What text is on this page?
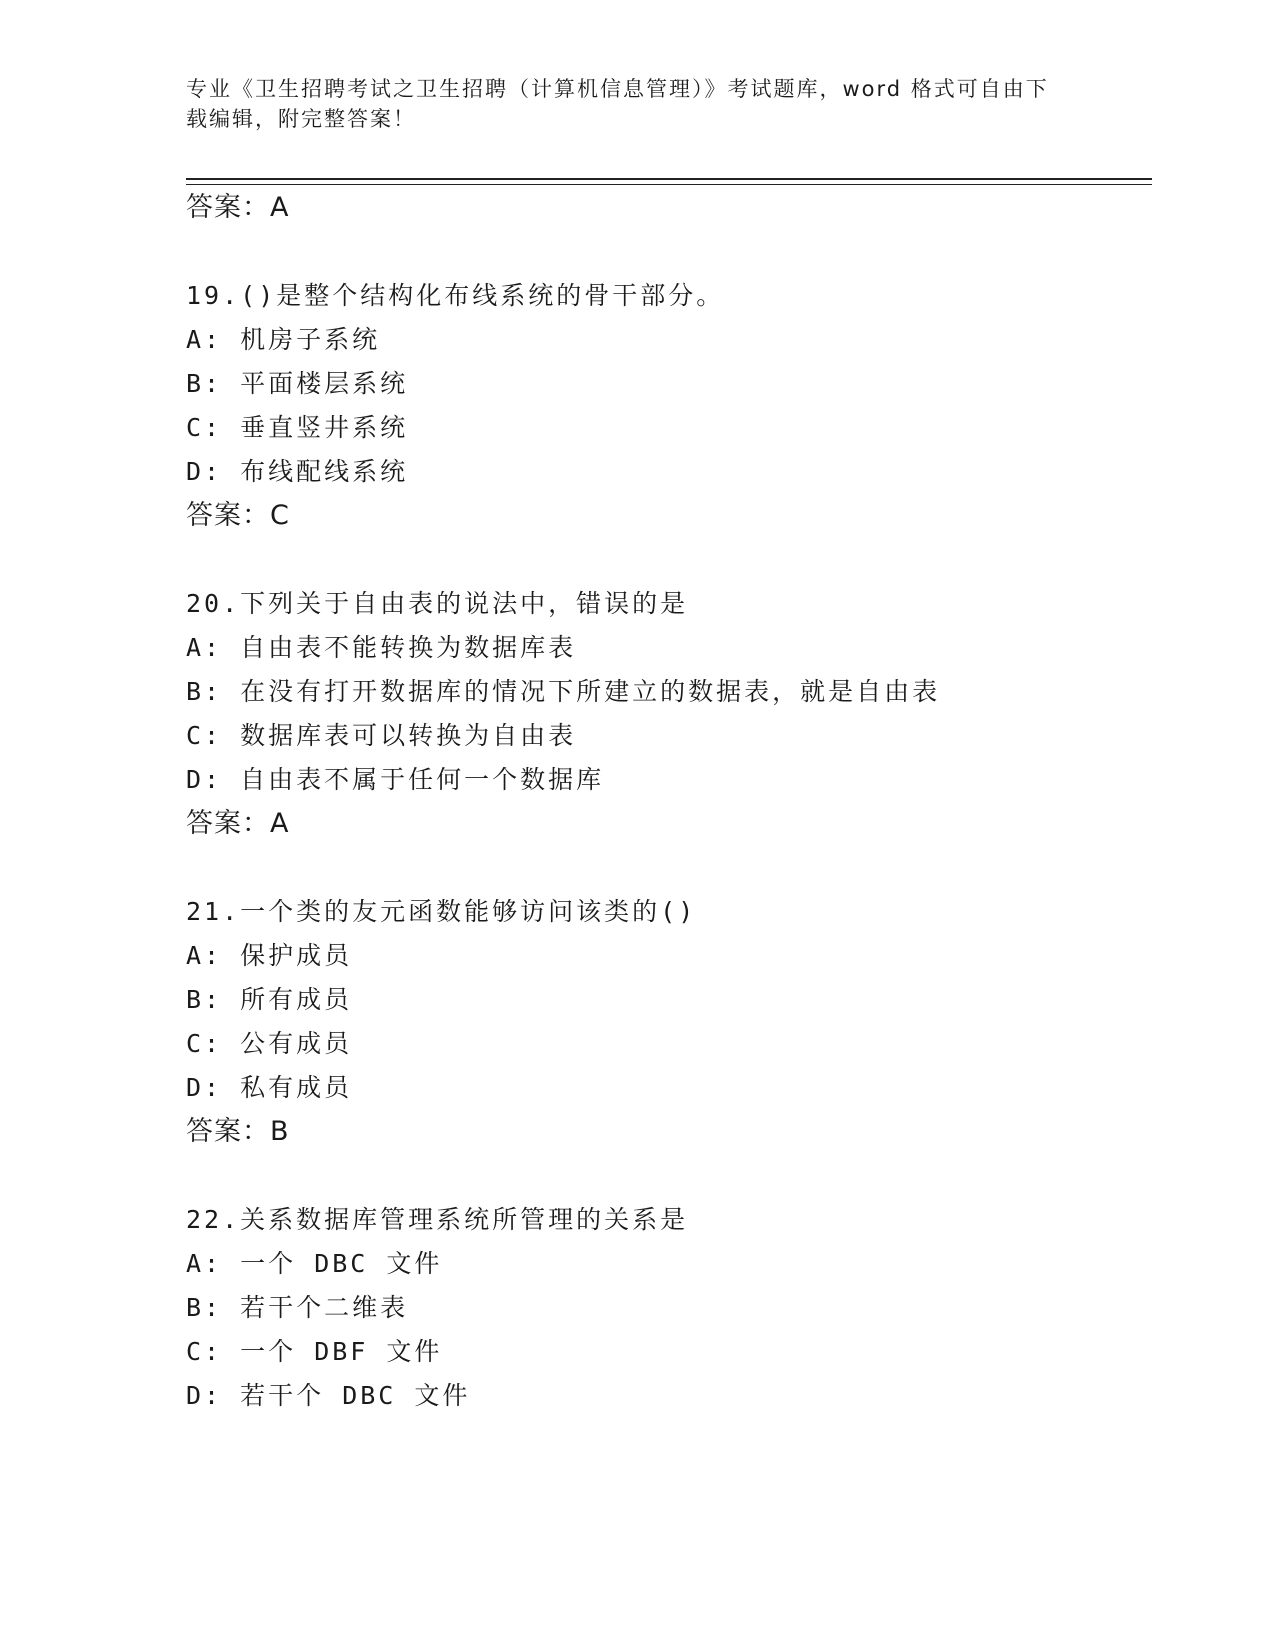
专业《卫生招聘考试之卫生招聘（计算机信息管理）》考试题库，word 格式可自由下载编辑，附完整答案！
答案：A
19.()是整个结构化布线系统的骨干部分。
A: 机房子系统
B: 平面楼层系统
C: 垂直竖井系统
D: 布线配线系统
答案：C
20.下列关于自由表的说法中，错误的是
A: 自由表不能转换为数据库表
B: 在没有打开数据库的情况下所建立的数据表，就是自由表
C: 数据库表可以转换为自由表
D: 自由表不属于任何一个数据库
答案：A
21.一个类的友元函数能够访问该类的()
A: 保护成员
B: 所有成员
C: 公有成员
D: 私有成员
答案：B
22.关系数据库管理系统所管理的关系是
A: 一个 DBC 文件
B: 若干个二维表
C: 一个 DBF 文件
D: 若干个 DBC 文件
